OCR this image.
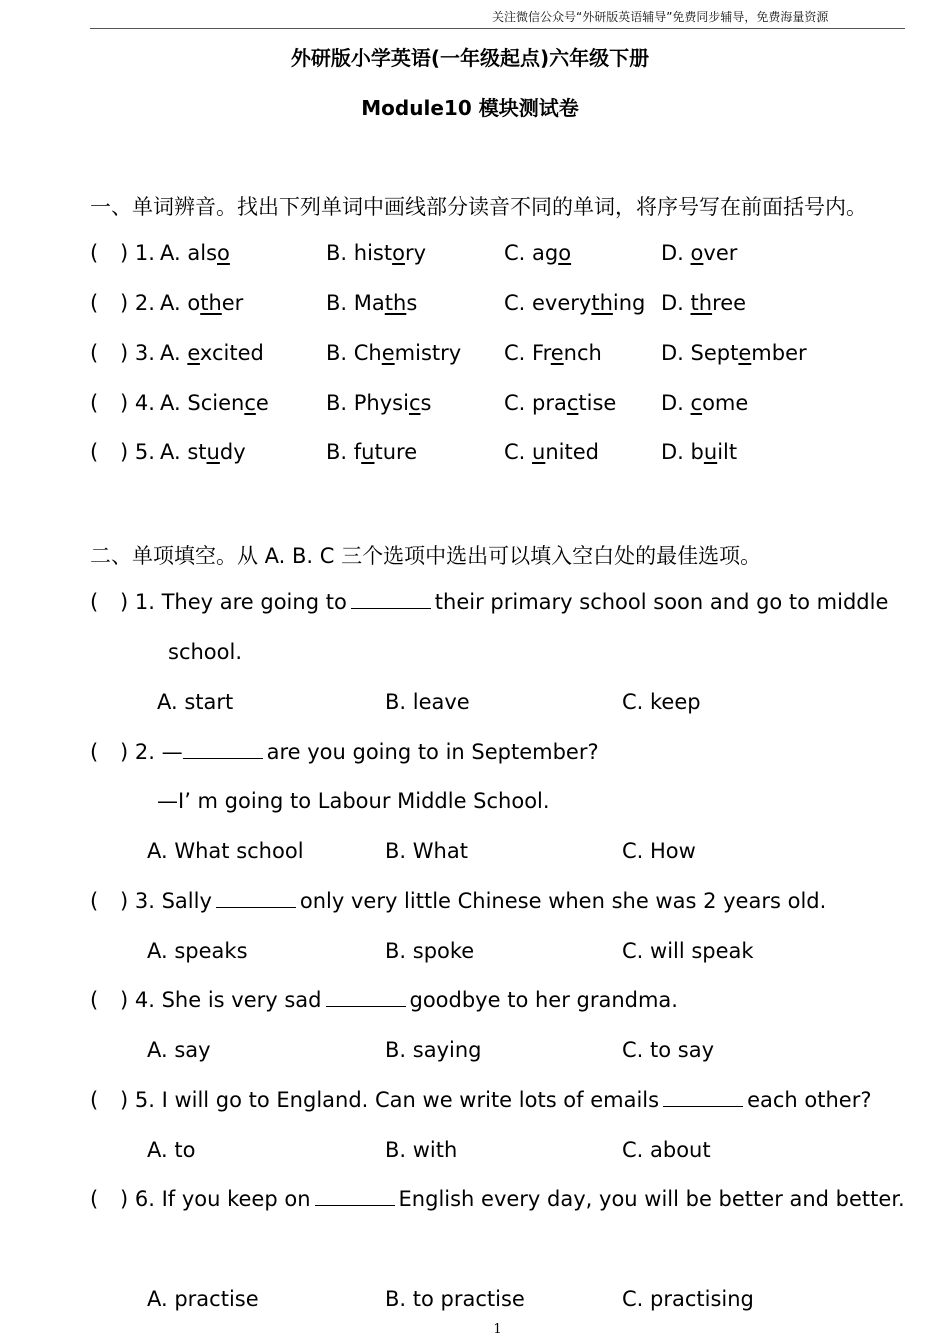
关注微信公众号“外研版英语辅导”免费同步辅导，免费海量资源
外研版小学英语(一年级起点)六年级下册
Module10 模块测试卷
一、单词辨音。找出下列单词中画线部分读音不同的单词，将序号写在前面括号内。
( ) 1. A. also	B. history	C. ago	D. over
( ) 2. A. other	B. Maths	C. everything D. three
( ) 3. A. excited	B. Chemistry C. French	D. September
( ) 4. A. Science	B. Physics	C. practise D. come
( ) 5. A. study	B. future	C. united	D. built
二、单项填空。从 A. B. C 三个选项中选出可以填入空白处的最佳选项。
( ) 1. They are going to	their primary school soon and go to middle
school.
A. start	B. leave	C. keep
( ) 2. —	are you going to in September?
—I’ m going to Labour Middle School.
A. What school	B. What	C. How
( ) 3. Sally	only very little Chinese when she was 2 years old.
A. speaks	B. spoke	C. will speak
( ) 4. She is very sad	goodbye to her grandma.
A. say	B. saying	C. to say
( ) 5. I will go to England. Can we write lots of emails	each other?
A. to	B. with	C. about
( ) 6. If you keep on	English every day, you will be better and better.
A. practise	B. to practise	C. practising
1
